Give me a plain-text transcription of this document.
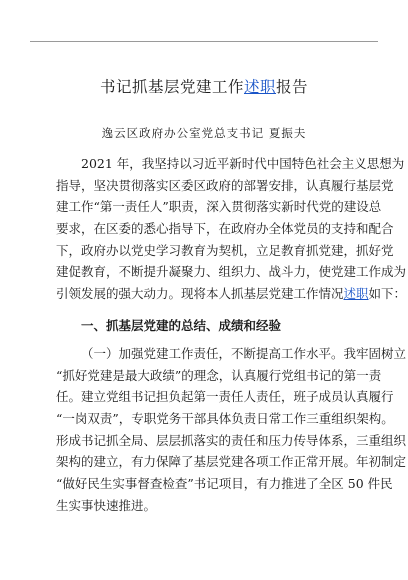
书记抓基层党建工作述职报告
逸云区政府办公室党总支书记 夏振夫
2021 年，我坚持以习近平新时代中国特色社会主义思想为
指导，坚决贯彻落实区委区政府的部署安排，认真履行基层党
建工作“第一责任人”职责，深入贯彻落实新时代党的建设总
要求，在区委的悉心指导下，在政府办全体党员的支持和配合
下，政府办以党史学习教育为契机，立足教育抓党建，抓好党
建促教育，不断提升凝聚力、组织力、战斗力，使党建工作成为
引领发展的强大动力。现将本人抓基层党建工作情况述职如下：
一、抓基层党建的总结、成绩和经验
（一）加强党建工作责任，不断提高工作水平。我牢固树立
“抓好党建是最大政绩”的理念，认真履行党组书记的第一责
任。建立党组书记担负起第一责任人责任，班子成员认真履行
“一岗双责”，专职党务干部具体负责日常工作三重组织架构。
形成书记抓全局、层层抓落实的责任和压力传导体系，三重组织
架构的建立，有力保障了基层党建各项工作正常开展。年初制定
“做好民生实事督查检查”书记项目，有力推进了全区 50 件民
生实事快速推进。
